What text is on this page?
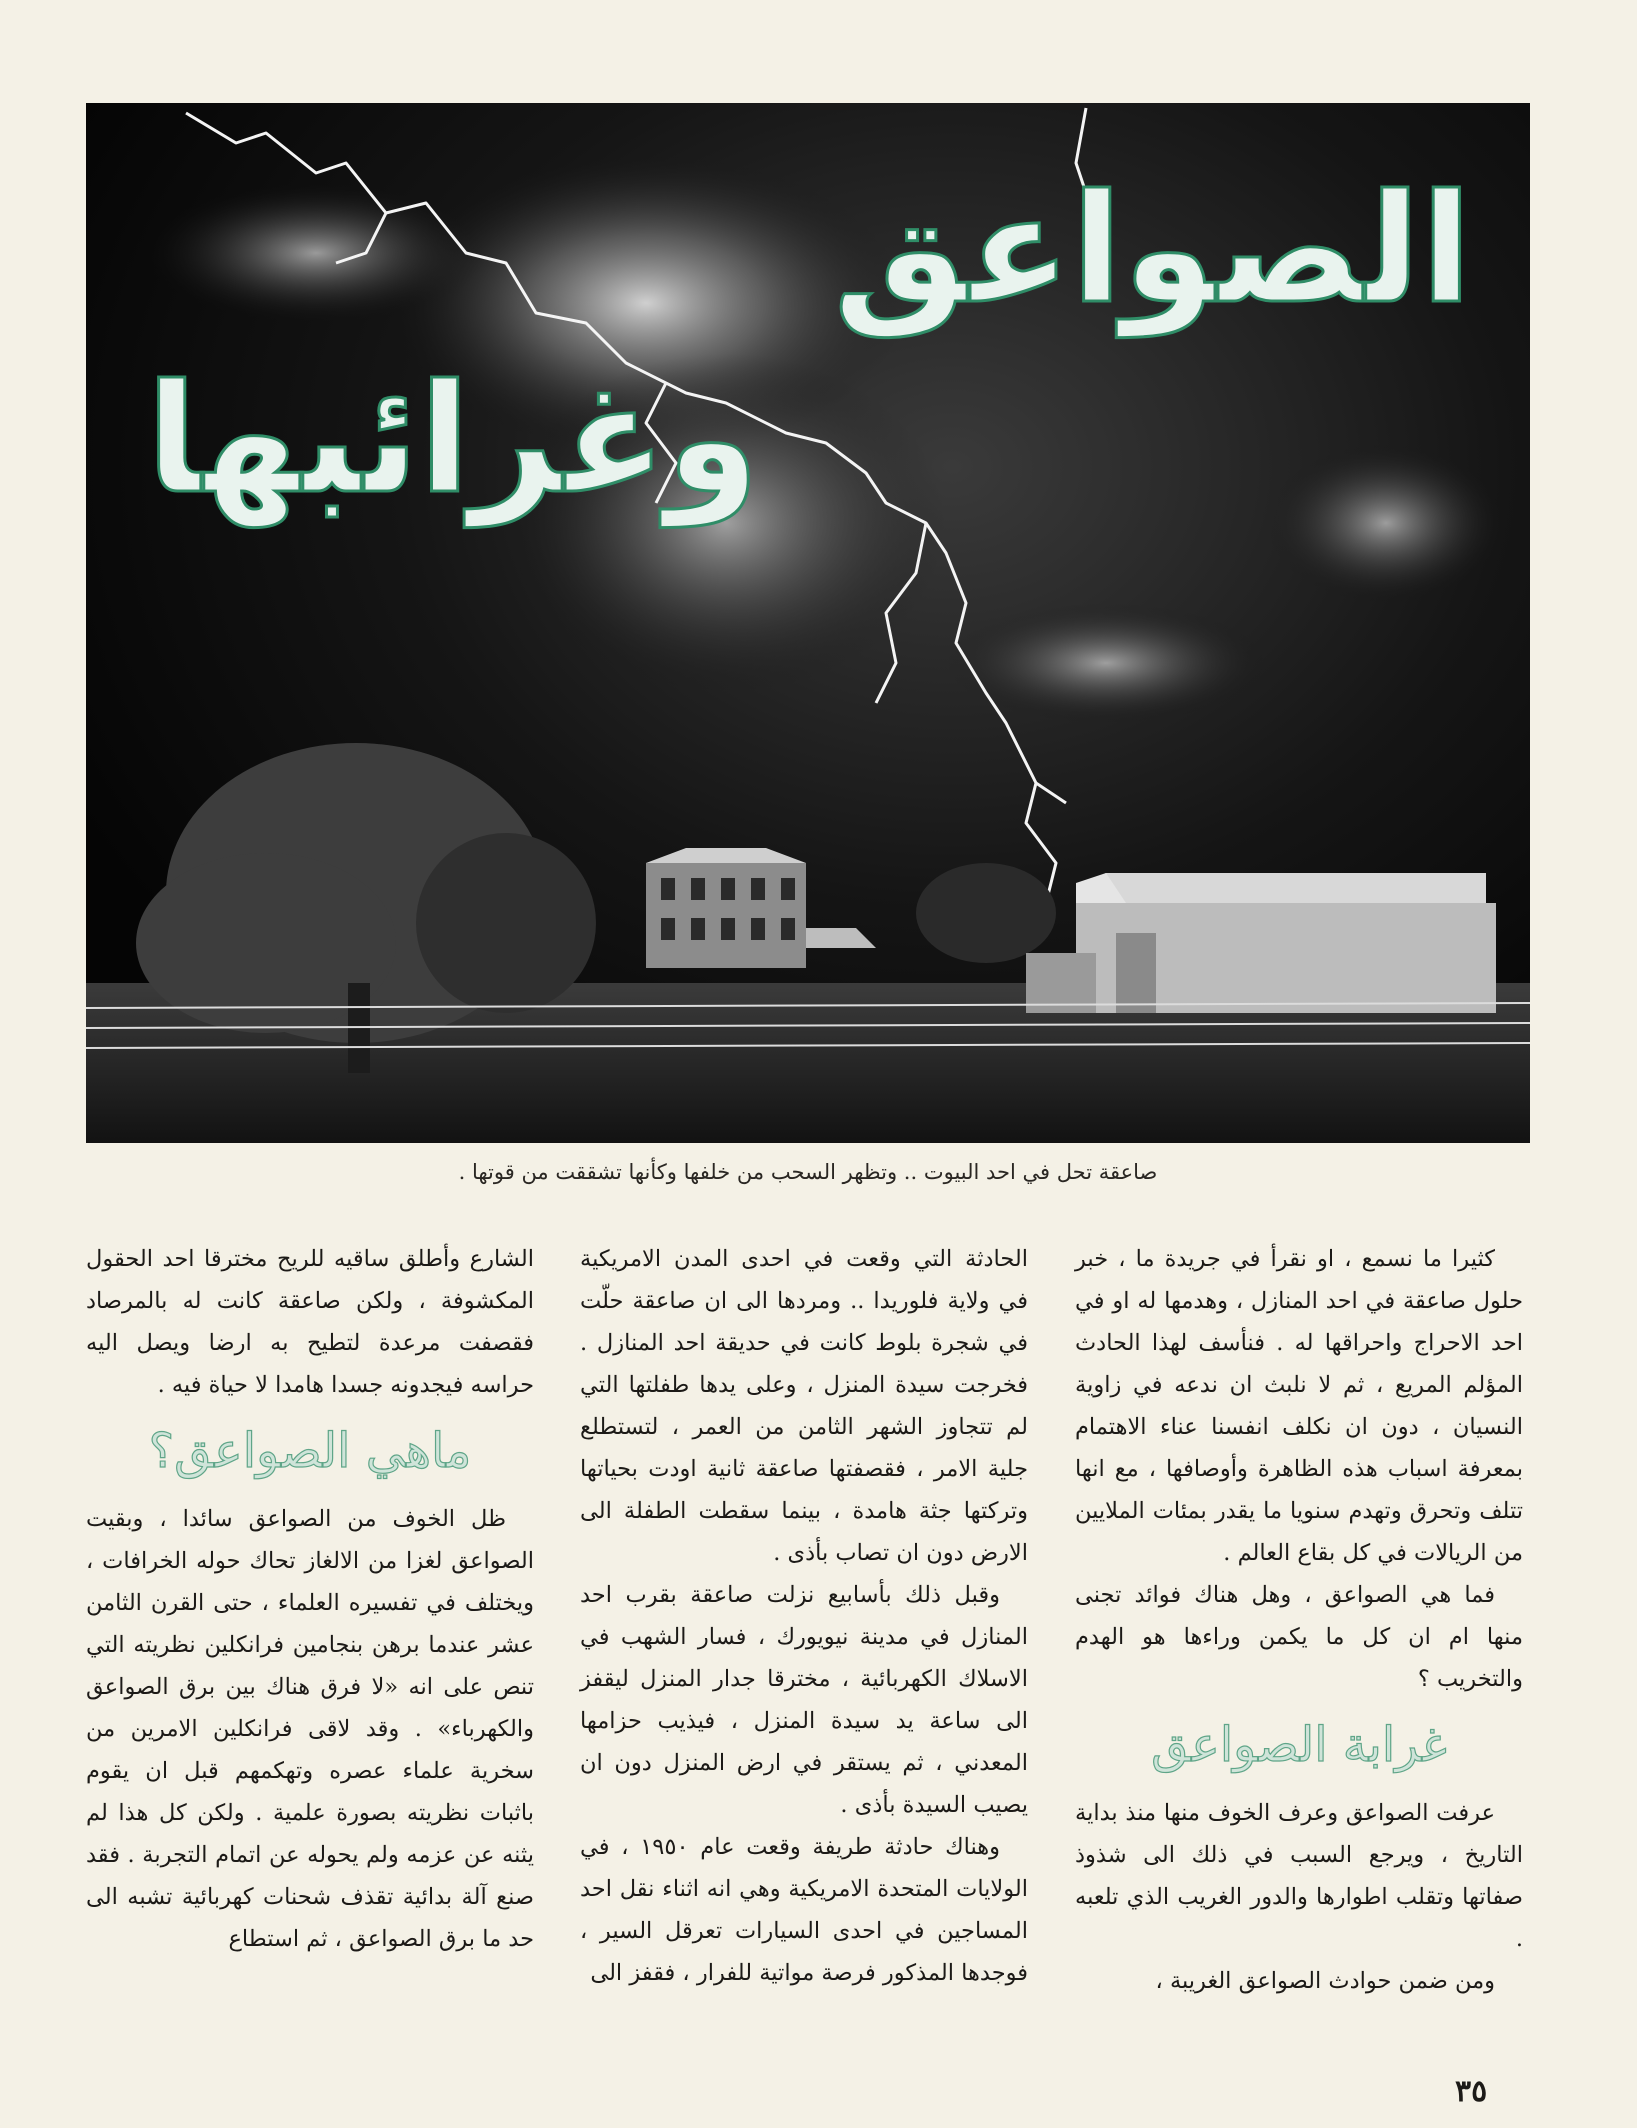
الصواعق
وغرائبها
صاعقة تحل في احد البيوت .. وتظهر السحب من خلفها وكأنها تشققت من قوتها .

كثيرا ما نسمع ، او نقرأ في جريدة ما ، خبر حلول صاعقة في احد المنازل ، وهدمها له او في احد الاحراج واحراقها له . فنأسف لهذا الحادث المؤلم المريع ، ثم لا نلبث ان ندعه في زاوية النسيان ، دون ان نكلف انفسنا عناء الاهتمام بمعرفة اسباب هذه الظاهرة وأوصافها ، مع انها تتلف وتحرق وتهدم سنويا ما يقدر بمئات الملايين من الريالات في كل بقاع العالم .

فما هي الصواعق ، وهل هناك فوائد تجنى منها ام ان كل ما يكمن وراءها هو الهدم والتخريب ؟

غرابة الصواعق

عرفت الصواعق وعرف الخوف منها منذ بداية التاريخ ، ويرجع السبب في ذلك الى شذوذ صفاتها وتقلب اطوارها والدور الغريب الذي تلعبه .

ومن ضمن حوادث الصواعق الغريبة ،

الحادثة التي وقعت في احدى المدن الامريكية في ولاية فلوريدا .. ومردها الى ان صاعقة حلّت في شجرة بلوط كانت في حديقة احد المنازل . فخرجت سيدة المنزل ، وعلى يدها طفلتها التي لم تتجاوز الشهر الثامن من العمر ، لتستطلع جلية الامر ، فقصفتها صاعقة ثانية اودت بحياتها وتركتها جثة هامدة ، بينما سقطت الطفلة الى الارض دون ان تصاب بأذى .

وقبل ذلك بأسابيع نزلت صاعقة بقرب احد المنازل في مدينة نيويورك ، فسار الشهب في الاسلاك الكهربائية ، مخترقا جدار المنزل ليقفز الى ساعة يد سيدة المنزل ، فيذيب حزامها المعدني ، ثم يستقر في ارض المنزل دون ان يصيب السيدة بأذى .

وهناك حادثة طريفة وقعت عام ١٩٥٠ ، في الولايات المتحدة الامريكية وهي انه اثناء نقل احد المساجين في احدى السيارات تعرقل السير ، فوجدها المذكور فرصة مواتية للفرار ، فقفز الى

الشارع وأطلق ساقيه للريح مخترقا احد الحقول المكشوفة ، ولكن صاعقة كانت له بالمرصاد فقصفت مرعدة لتطيح به ارضا ويصل اليه حراسه فيجدونه جسدا هامدا لا حياة فيه .

ماهي الصواعق؟

ظل الخوف من الصواعق سائدا ، وبقيت الصواعق لغزا من الالغاز تحاك حوله الخرافات ، ويختلف في تفسيره العلماء ، حتى القرن الثامن عشر عندما برهن بنجامين فرانكلين نظريته التي تنص على انه «لا فرق هناك بين برق الصواعق والكهرباء» . وقد لاقى فرانكلين الامرين من سخرية علماء عصره وتهكمهم قبل ان يقوم باثبات نظريته بصورة علمية . ولكن كل هذا لم يثنه عن عزمه ولم يحوله عن اتمام التجربة . فقد صنع آلة بدائية تقذف شحنات كهربائية تشبه الى حد ما برق الصواعق ، ثم استطاع

٣٥
